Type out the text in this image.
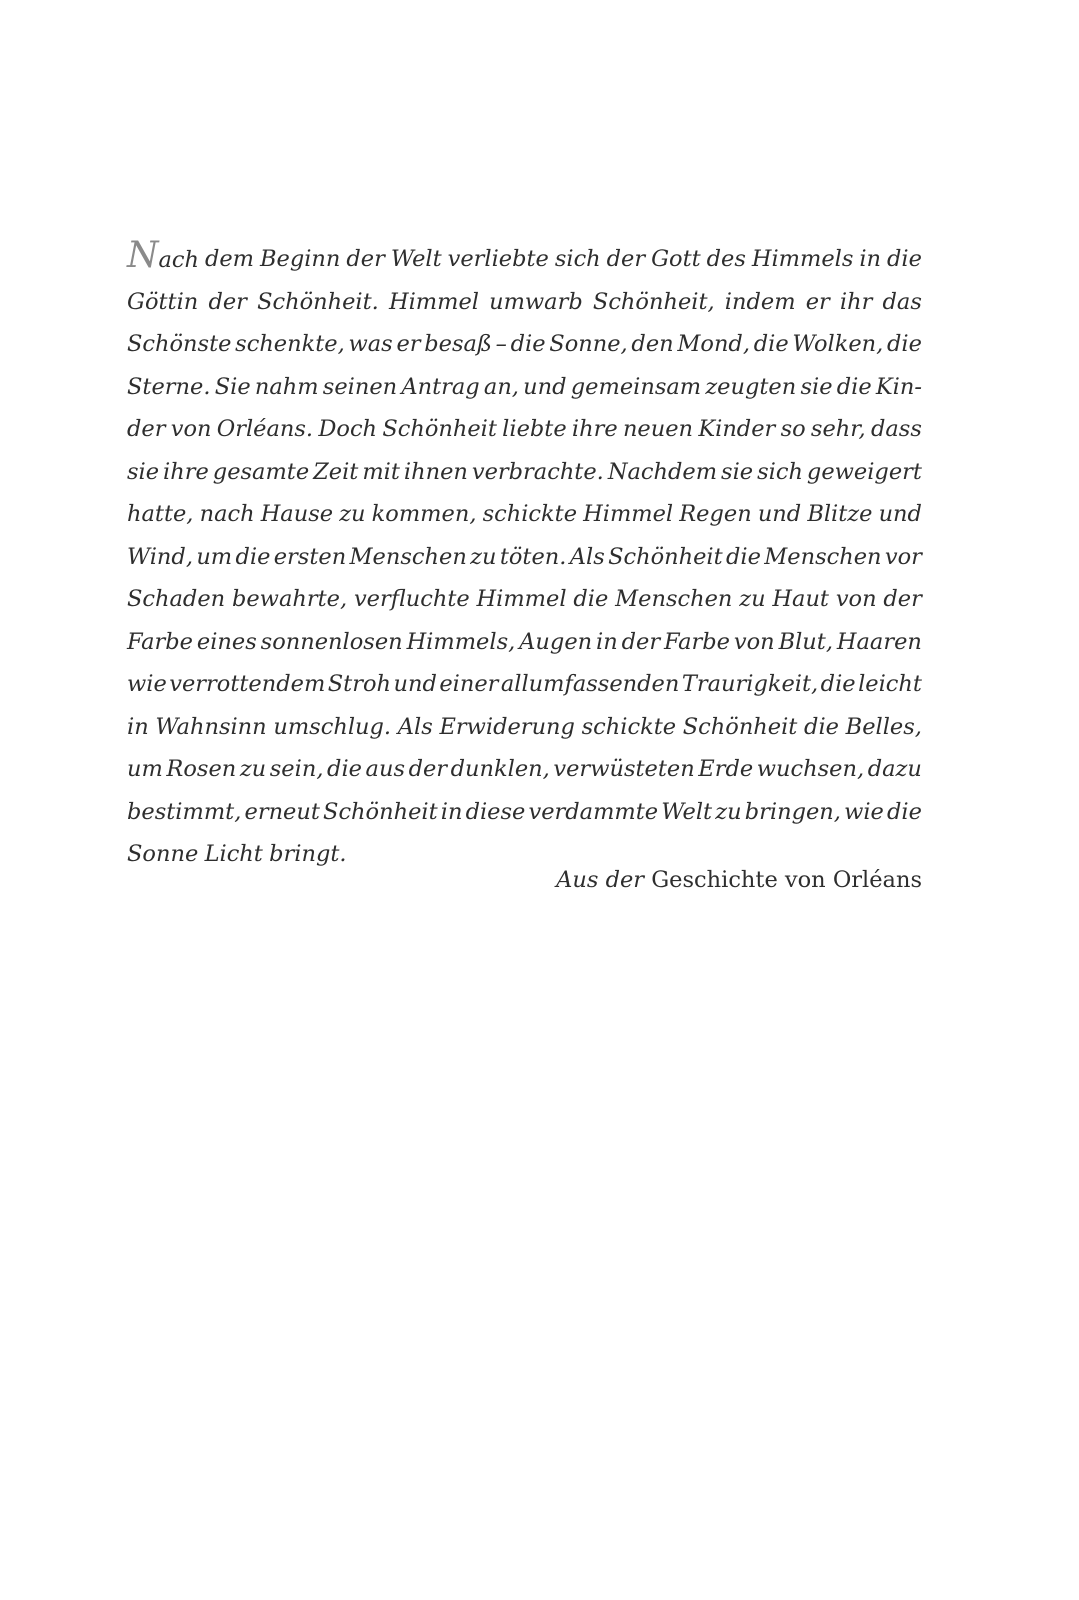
Nach dem Beginn der Welt verliebte sich der Gott des Himmels in die
Göttin der Schönheit. Himmel umwarb Schönheit, indem er ihr das
Schönste schenkte, was er besaß – die Sonne, den Mond, die Wolken, die
Sterne. Sie nahm seinen Antrag an, und gemeinsam zeugten sie die Kin-
der von Orléans. Doch Schönheit liebte ihre neuen Kinder so sehr, dass
sie ihre gesamte Zeit mit ihnen verbrachte. Nachdem sie sich geweigert
hatte, nach Hause zu kommen, schickte Himmel Regen und Blitze und
Wind, um die ersten Menschen zu töten. Als Schönheit die Menschen vor
Schaden bewahrte, verfluchte Himmel die Menschen zu Haut von der
Farbe eines sonnenlosen Himmels, Augen in der Farbe von Blut, Haaren
wie verrottendem Stroh und einer allumfassenden Traurigkeit, die leicht
in Wahnsinn umschlug. Als Erwiderung schickte Schönheit die Belles,
um Rosen zu sein, die aus der dunklen, verwüsteten Erde wuchsen, dazu
bestimmt, erneut Schönheit in diese verdammte Welt zu bringen, wie die
Sonne Licht bringt.
Aus der Geschichte von Orléans
